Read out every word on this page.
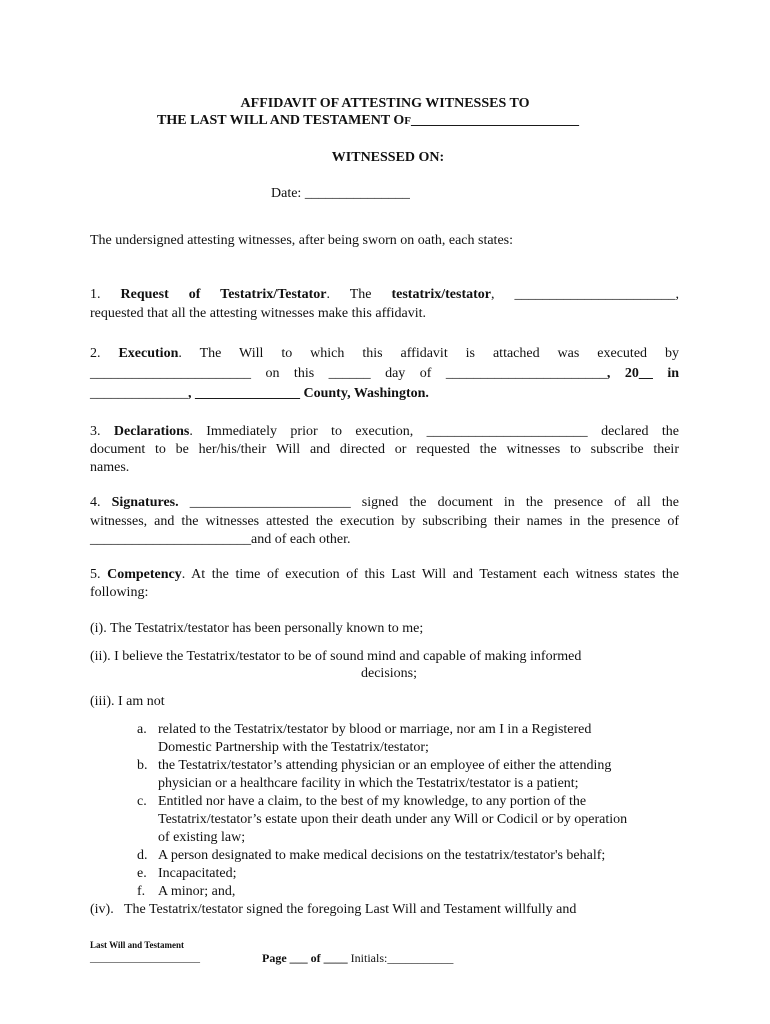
AFFIDAVIT OF ATTESTING WITNESSES TO
THE LAST WILL AND TESTAMENT OF________________________
WITNESSED ON:
Date: _______________
The undersigned attesting witnesses, after being sworn on oath, each states:
1. Request of Testatrix/Testator. The testatrix/testator, _______________________,
requested that all the attesting witnesses make this affidavit.
2. Execution. The Will to which this affidavit is attached was executed by
_______________________ on this ______ day of _______________________, 20__ in
______________, _______________ County, Washington.
3. Declarations. Immediately prior to execution, _______________________ declared the
document to be her/his/their Will and directed or requested the witnesses to subscribe their
names.
4. Signatures. _______________________ signed the document in the presence of all the
witnesses, and the witnesses attested the execution by subscribing their names in the presence of
_______________________and of each other.
5. Competency. At the time of execution of this Last Will and Testament each witness states the
following:
(i). The Testatrix/testator has been personally known to me;
(ii). I believe the Testatrix/testator to be of sound mind and capable of making informed
decisions;
(iii). I am not
a. related to the Testatrix/testator by blood or marriage, nor am I in a Registered
Domestic Partnership with the Testatrix/testator;
b. the Testatrix/testator’s attending physician or an employee of either the attending
physician or a healthcare facility in which the Testatrix/testator is a patient;
c. Entitled nor have a claim, to the best of my knowledge, to any portion of the
Testatrix/testator’s estate upon their death under any Will or Codicil or by operation
of existing law;
d. A person designated to make medical decisions on the testatrix/testator's behalf;
e. Incapacitated;
f. A minor; and,
(iv).   The Testatrix/testator signed the foregoing Last Will and Testament willfully and
Last Will and Testament
____________________	Page ___ of ____ Initials:___________
